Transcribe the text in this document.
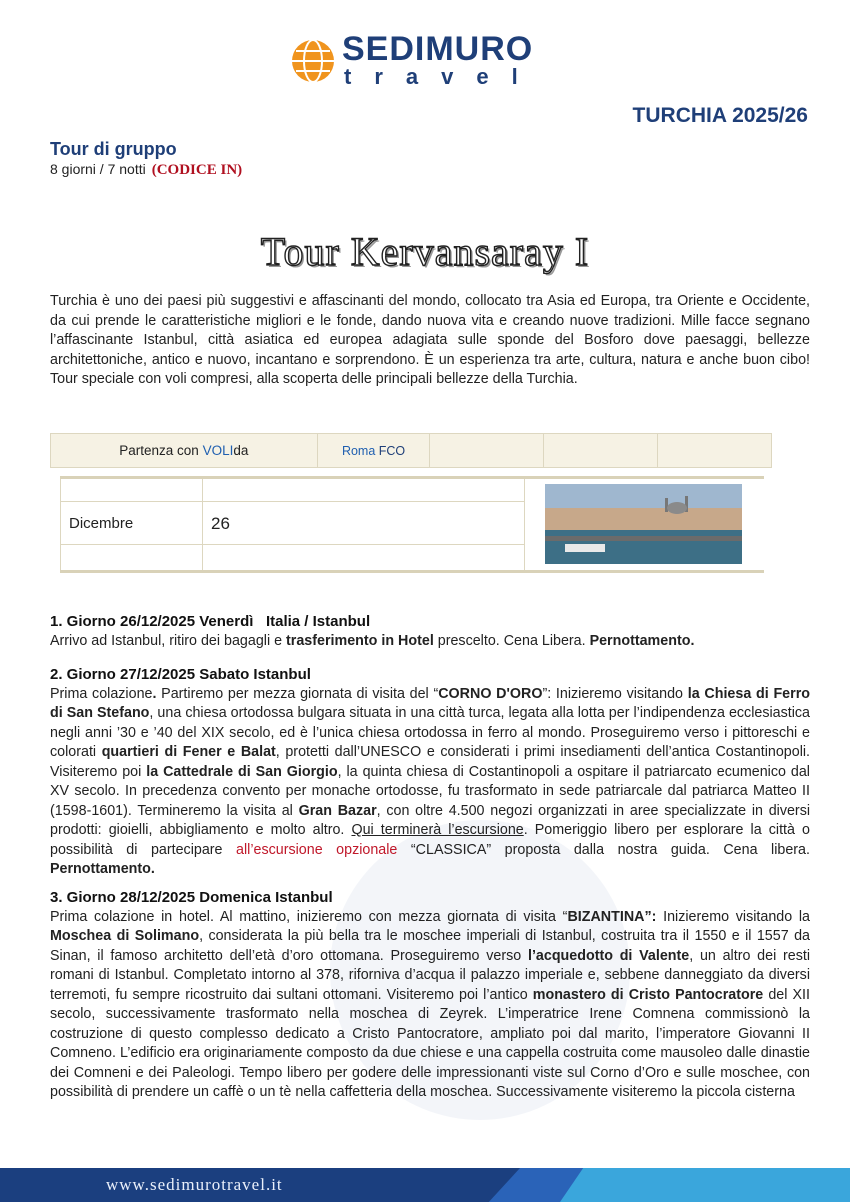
SEDIMURO
travel
TURCHIA 2025/26
Tour di gruppo
8 giorni / 7 notti (CODICE IN)
Tour Kervansaray I
Turchia è uno dei paesi più suggestivi e affascinanti del mondo, collocato tra Asia ed Europa, tra Oriente e Occidente, da cui prende le caratteristiche migliori e le fonde, dando nuova vita e creando nuove tradizioni. Mille facce segnano l’affascinante Istanbul, città asiatica ed europea adagiata sulle sponde del Bosforo dove paesaggi, bellezze architettoniche, antico e nuovo, incantano e sorprendono. È un esperienza tra arte, cultura, natura e anche buon cibo! Tour speciale con voli compresi, alla scoperta delle principali bellezze della Turchia.
Partenza con
VOLI da	Roma
FCO
Dicembre	26
1. Giorno 26/12/2025 Venerdì Italia / Istanbul

Arrivo ad Istanbul, ritiro dei bagagli e trasferimento in Hotel prescelto. Cena Libera. Pernottamento.

2. Giorno 27/12/2025 Sabato Istanbul

Prima colazione. Partiremo per mezza giornata di visita del “CORNO D'ORO”: Inizieremo visitando la Chiesa di Ferro di San Stefano, una chiesa ortodossa bulgara situata in una città turca, legata alla lotta per l’indipendenza ecclesiastica negli anni ’30 e ’40 del XIX secolo, ed è l’unica chiesa ortodossa in ferro al mondo. Proseguiremo verso i pittoreschi e colorati quartieri di Fener e Balat, protetti dall’UNESCO e considerati i primi insediamenti dell’antica Costantinopoli. Visiteremo poi la Cattedrale di San Giorgio, la quinta chiesa di Costantinopoli a ospitare il patriarcato ecumenico dal XV secolo. In precedenza convento per monache ortodosse, fu trasformato in sede patriarcale dal patriarca Matteo II (1598-1601). Termineremo la visita al Gran Bazar, con oltre 4.500 negozi organizzati in aree specializzate in diversi prodotti: gioielli, abbigliamento e molto altro. Qui terminerà l’escursione. Pomeriggio libero per esplorare la città o possibilità di partecipare all’escursione opzionale “CLASSICA” proposta dalla nostra guida. Cena libera. Pernottamento.

3. Giorno 28/12/2025 Domenica Istanbul

Prima colazione in hotel. Al mattino, inizieremo con mezza giornata di visita “BIZANTINA”: Inizieremo visitando la Moschea di Solimano, considerata la più bella tra le moschee imperiali di Istanbul, costruita tra il 1550 e il 1557 da Sinan, il famoso architetto dell’età d’oro ottomana. Proseguiremo verso l’acquedotto di Valente, un altro dei resti romani di Istanbul. Completato intorno al 378, riforniva d’acqua il palazzo imperiale e, sebbene danneggiato da diversi terremoti, fu sempre ricostruito dai sultani ottomani. Visiteremo poi l’antico monastero di Cristo Pantocratore del XII secolo, successivamente trasformato nella moschea di Zeyrek. L’imperatrice Irene Comnena commissionò la costruzione di questo complesso dedicato a Cristo Pantocratore, ampliato poi dal marito, l’imperatore Giovanni II Comneno. L’edificio era originariamente composto da due chiese e una cappella costruita come mausoleo dalle dinastie dei Comneni e dei Paleologi. Tempo libero per godere delle impressionanti viste sul Corno d’Oro e sulle moschee, con possibilità di prendere un caffè o un tè nella caffetteria della moschea. Successivamente visiteremo la piccola cisterna

www.sedimurotravel.it
